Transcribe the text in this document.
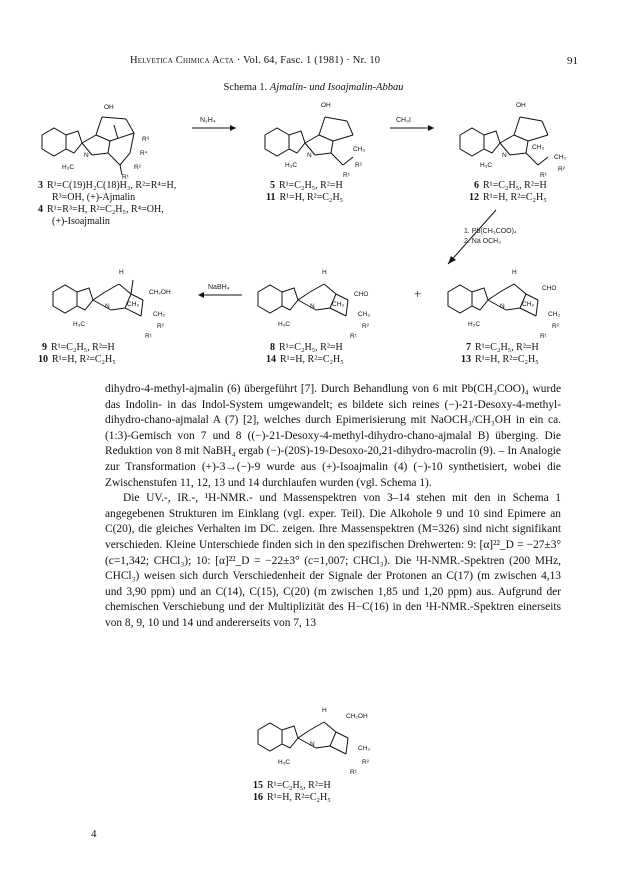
Helvetica Chimica Acta · Vol. 64, Fasc. 1 (1981) · Nr. 10	91
Schema 1. Ajmalin- und Isoajmalin-Abbau
OH
N
H₃C
R³
R⁴
R²
R¹
N₂H₄
OH
N
H₃C
CH₃
R²
R¹
CH₃I
OH
N
CH₃
H₃C
CH₃
R²
R¹
3 R¹=C(19)H₂C(18)H₃, R²=R⁴=H,
R³=OH, (+)-Ajmalin
4 R¹=R³=H, R²=C₂H₅, R⁴=OH,
(+)-Isoajmalin
5 R¹=C₂H₅, R²=H
11 R¹=H, R²=C₂H₅
6 R¹=C₂H₅, R²=H
12 R¹=H, R²=C₂H₅
1. Pb(CH₃COO)₄
2. Na OCH₃
H
CH₂OH
N	CH₃
CH₃
H₃C	R²
R¹
NaBH₄
H
CHO
N	CH₃
CH₃
H₃C	R²
R¹
+
H
CHO
N	CH₃
CH₃
H₃C	R²
R¹
9 R¹=C₂H₅, R²=H
10 R¹=H, R²=C₂H₅
8 R¹=C₂H₅, R²=H
14 R¹=H, R²=C₂H₅
7 R¹=C₂H₅, R²=H
13 R¹=H, R²=C₂H₅

dihydro-4-methyl-ajmalin (6) übergeführt [7]. Durch Behandlung von 6 mit Pb(CH₃COO)₄ wurde das Indolin- in das Indol-System umgewandelt; es bildete sich reines (−)-21-Desoxy-4-methyl-dihydro-chano-ajmalal A (7) [2], welches durch Epimerisierung mit NaOCH₃/CH₃OH in ein ca. (1:3)-Gemisch von 7 und 8 ((−)-21-Desoxy-4-methyl-dihydro-chano-ajmalal B) überging. Die Reduktion von 8 mit NaBH₄ ergab (−)-(20S)-19-Desoxo-20,21-dihydro-macrolin (9). – In Analogie zur Transformation (+)-3→(−)-9 wurde aus (+)-Isoajmalin (4) (−)-10 synthetisiert, wobei die Zwischenstufen 11, 12, 13 und 14 durchlaufen wurden (vgl. Schema 1).

Die UV.-, IR.-, ¹H-NMR.- und Massenspektren von 3–14 stehen mit den in Schema 1 angegebenen Strukturen im Einklang (vgl. exper. Teil). Die Alkohole 9 und 10 sind Epimere an C(20), die gleiches Verhalten im DC. zeigen. Ihre Massenspektren (M=326) sind nicht signifikant verschieden. Kleine Unterschiede finden sich in den spezifischen Drehwerten: 9: [α]²²_D = −27±3° (c=1,342; CHCl₃); 10: [α]²²_D = −22±3° (c=1,007; CHCl₃). Die ¹H-NMR.-Spektren (200 MHz, CHCl₃) weisen sich durch Verschiedenheit der Signale der Protonen an C(17) (m zwischen 4,13 und 3,90 ppm) und an C(14), C(15), C(20) (m zwischen 1,85 und 1,20 ppm) aus. Aufgrund der chemischen Verschiebung und der Multiplizität des H−C(16) in den ¹H-NMR.-Spektren einerseits von 8, 9, 10 und 14 und andererseits von 7, 13

H
CH₂OH
N
CH₃
H₃C	R²
R¹
15 R¹=C₂H₅, R²=H
16 R¹=H, R²=C₂H₅
4
